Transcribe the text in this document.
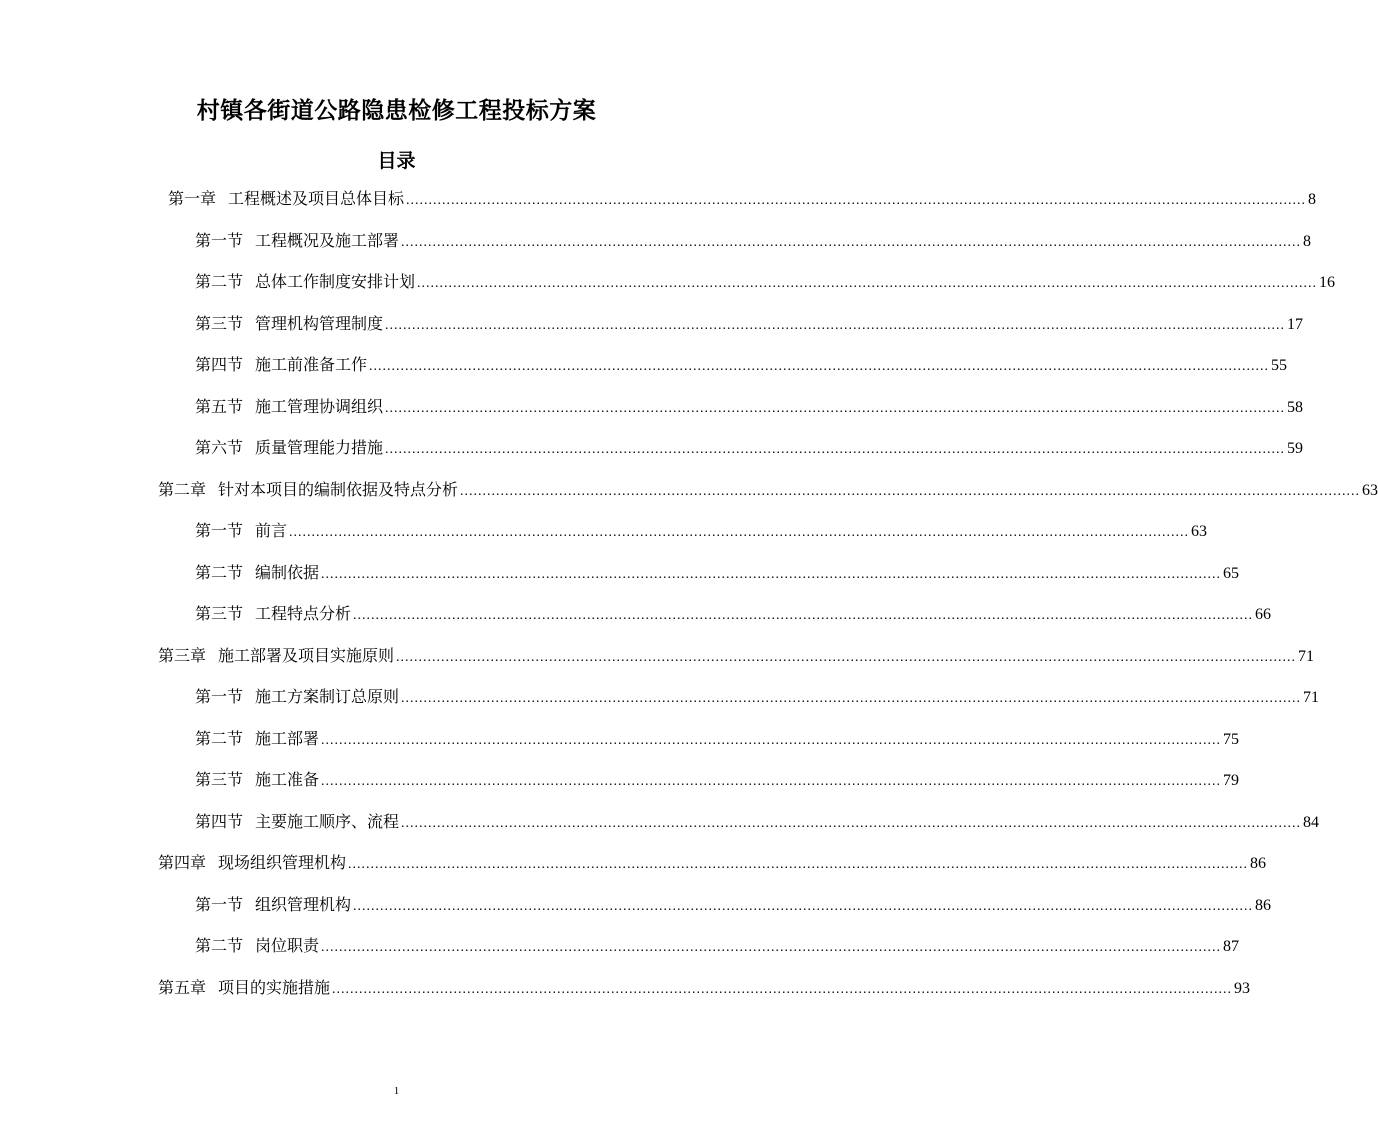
村镇各街道公路隐患检修工程投标方案
目录
第一章 工程概述及项目总体目标 ........................................................................................................................................................................................................ 8
第一节 工程概况及施工部署 ........................................................................................................................................................................................................ 8
第二节 总体工作制度安排计划 ........................................................................................................................................................................................................ 16
第三节 管理机构管理制度 ........................................................................................................................................................................................................ 17
第四节 施工前准备工作 ........................................................................................................................................................................................................ 55
第五节 施工管理协调组织 ........................................................................................................................................................................................................ 58
第六节 质量管理能力措施 ........................................................................................................................................................................................................ 59
第二章 针对本项目的编制依据及特点分析 ........................................................................................................................................................................................................ 63
第一节 前言 ........................................................................................................................................................................................................ 63
第二节 编制依据 ........................................................................................................................................................................................................ 65
第三节 工程特点分析 ........................................................................................................................................................................................................ 66
第三章 施工部署及项目实施原则 ........................................................................................................................................................................................................ 71
第一节 施工方案制订总原则 ........................................................................................................................................................................................................ 71
第二节 施工部署 ........................................................................................................................................................................................................ 75
第三节 施工准备 ........................................................................................................................................................................................................ 79
第四节 主要施工顺序、流程 ........................................................................................................................................................................................................ 84
第四章 现场组织管理机构 ........................................................................................................................................................................................................ 86
第一节 组织管理机构 ........................................................................................................................................................................................................ 86
第二节 岗位职责 ........................................................................................................................................................................................................ 87
第五章 项目的实施措施 ........................................................................................................................................................................................................ 93
1
